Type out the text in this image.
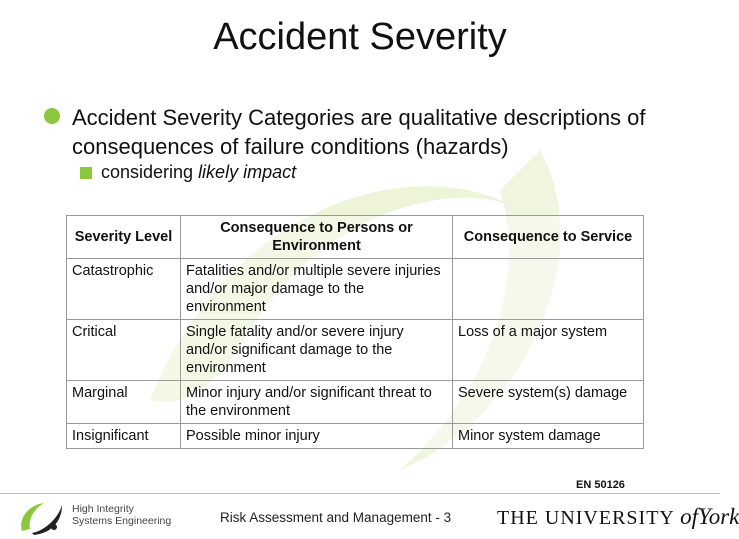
Accident Severity
Accident Severity Categories are qualitative descriptions of consequences of failure conditions (hazards)
considering likely impact
Severity Level	Consequence to Persons or Environment	Consequence to Service
Catastrophic	Fatalities and/or multiple severe injuries and/or major damage to the environment	
Critical	Single fatality and/or severe injury and/or significant damage to the environment	Loss of a major system
Marginal	Minor injury and/or significant threat to the environment	Severe system(s) damage
Insignificant	Possible minor injury	Minor system damage
EN 50126
High Integrity
Systems Engineering	Risk Assessment and Management - 3 THE UNIVERSITY ofYork
